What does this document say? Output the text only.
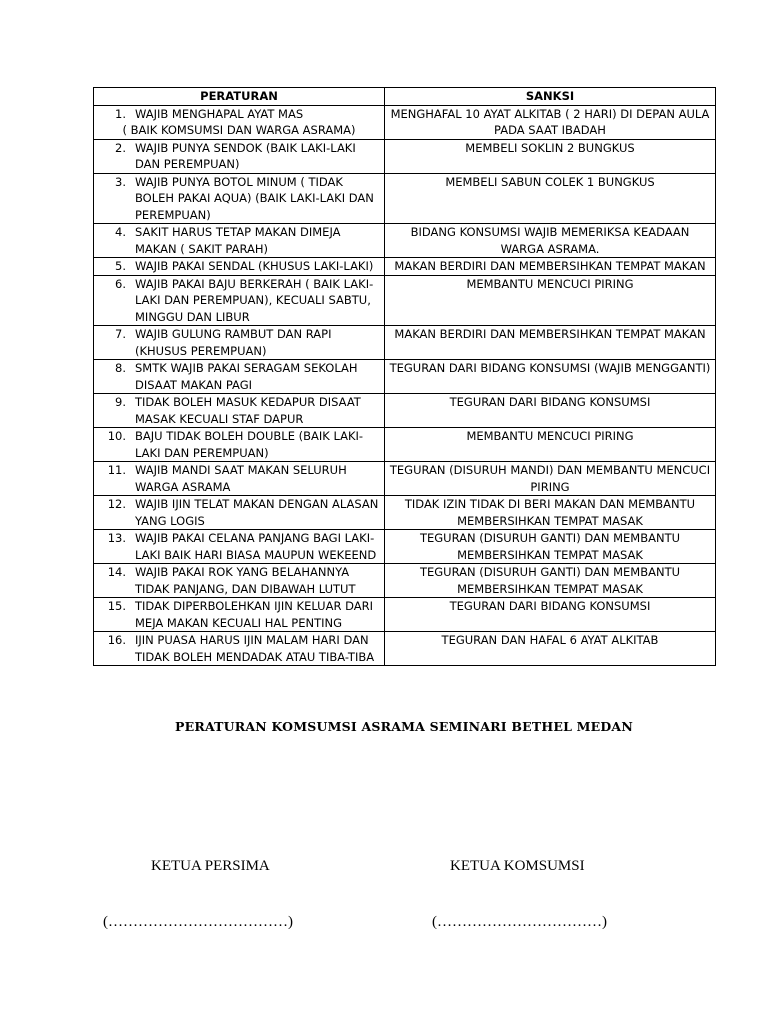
PERATURAN	SANKSI

1. WAJIB MENGHAPAL AYAT MAS
( BAIK KOMSUMSI DAN WARGA ASRAMA)	MENGHAFAL 10 AYAT ALKITAB ( 2 HARI) DI DEPAN AULA PADA SAAT IBADAH

2. WAJIB PUNYA SENDOK (BAIK LAKI-LAKI DAN PEREMPUAN)	MEMBELI SOKLIN 2 BUNGKUS

3. WAJIB PUNYA BOTOL MINUM ( TIDAK BOLEH PAKAI AQUA) (BAIK LAKI-LAKI DAN PEREMPUAN)	MEMBELI SABUN COLEK 1 BUNGKUS

4. SAKIT HARUS TETAP MAKAN DIMEJA MAKAN ( SAKIT PARAH)	BIDANG KONSUMSI WAJIB MEMERIKSA KEADAAN WARGA ASRAMA.

5. WAJIB PAKAI SENDAL (KHUSUS LAKI-LAKI)	MAKAN BERDIRI DAN MEMBERSIHKAN TEMPAT MAKAN

6. WAJIB PAKAI BAJU BERKERAH ( BAIK LAKI-LAKI DAN PEREMPUAN), KECUALI SABTU, MINGGU DAN LIBUR	MEMBANTU MENCUCI PIRING

7. WAJIB GULUNG RAMBUT DAN RAPI (KHUSUS PEREMPUAN)	MAKAN BERDIRI DAN MEMBERSIHKAN TEMPAT MAKAN

8. SMTK WAJIB PAKAI SERAGAM SEKOLAH DISAAT MAKAN PAGI	TEGURAN DARI BIDANG KONSUMSI (WAJIB MENGGANTI)

9. TIDAK BOLEH MASUK KEDAPUR DISAAT MASAK KECUALI STAF DAPUR	TEGURAN DARI BIDANG KONSUMSI

10. BAJU TIDAK BOLEH DOUBLE (BAIK LAKI-LAKI DAN PEREMPUAN)	MEMBANTU MENCUCI PIRING

11. WAJIB MANDI SAAT MAKAN SELURUH WARGA ASRAMA	TEGURAN (DISURUH MANDI) DAN MEMBANTU MENCUCI PIRING

12. WAJIB IJIN TELAT MAKAN DENGAN ALASAN YANG LOGIS	TIDAK IZIN TIDAK DI BERI MAKAN DAN MEMBANTU MEMBERSIHKAN TEMPAT MASAK

13. WAJIB PAKAI CELANA PANJANG BAGI LAKI-LAKI BAIK HARI BIASA MAUPUN WEKEEND	TEGURAN (DISURUH GANTI) DAN MEMBANTU MEMBERSIHKAN TEMPAT MASAK

14. WAJIB PAKAI ROK YANG BELAHANNYA TIDAK PANJANG, DAN DIBAWAH LUTUT	TEGURAN (DISURUH GANTI) DAN MEMBANTU MEMBERSIHKAN TEMPAT MASAK

15. TIDAK DIPERBOLEHKAN IJIN KELUAR DARI MEJA MAKAN KECUALI HAL PENTING	TEGURAN DARI BIDANG KONSUMSI

16. IJIN PUASA HARUS IJIN MALAM HARI DAN TIDAK BOLEH MENDADAK ATAU TIBA-TIBA	TEGURAN DAN HAFAL 6 AYAT ALKITAB
PERATURAN KOMSUMSI ASRAMA SEMINARI BETHEL MEDAN
KETUA PERSIMA	KETUA KOMSUMSI
(………………………………)	(……………………………)
